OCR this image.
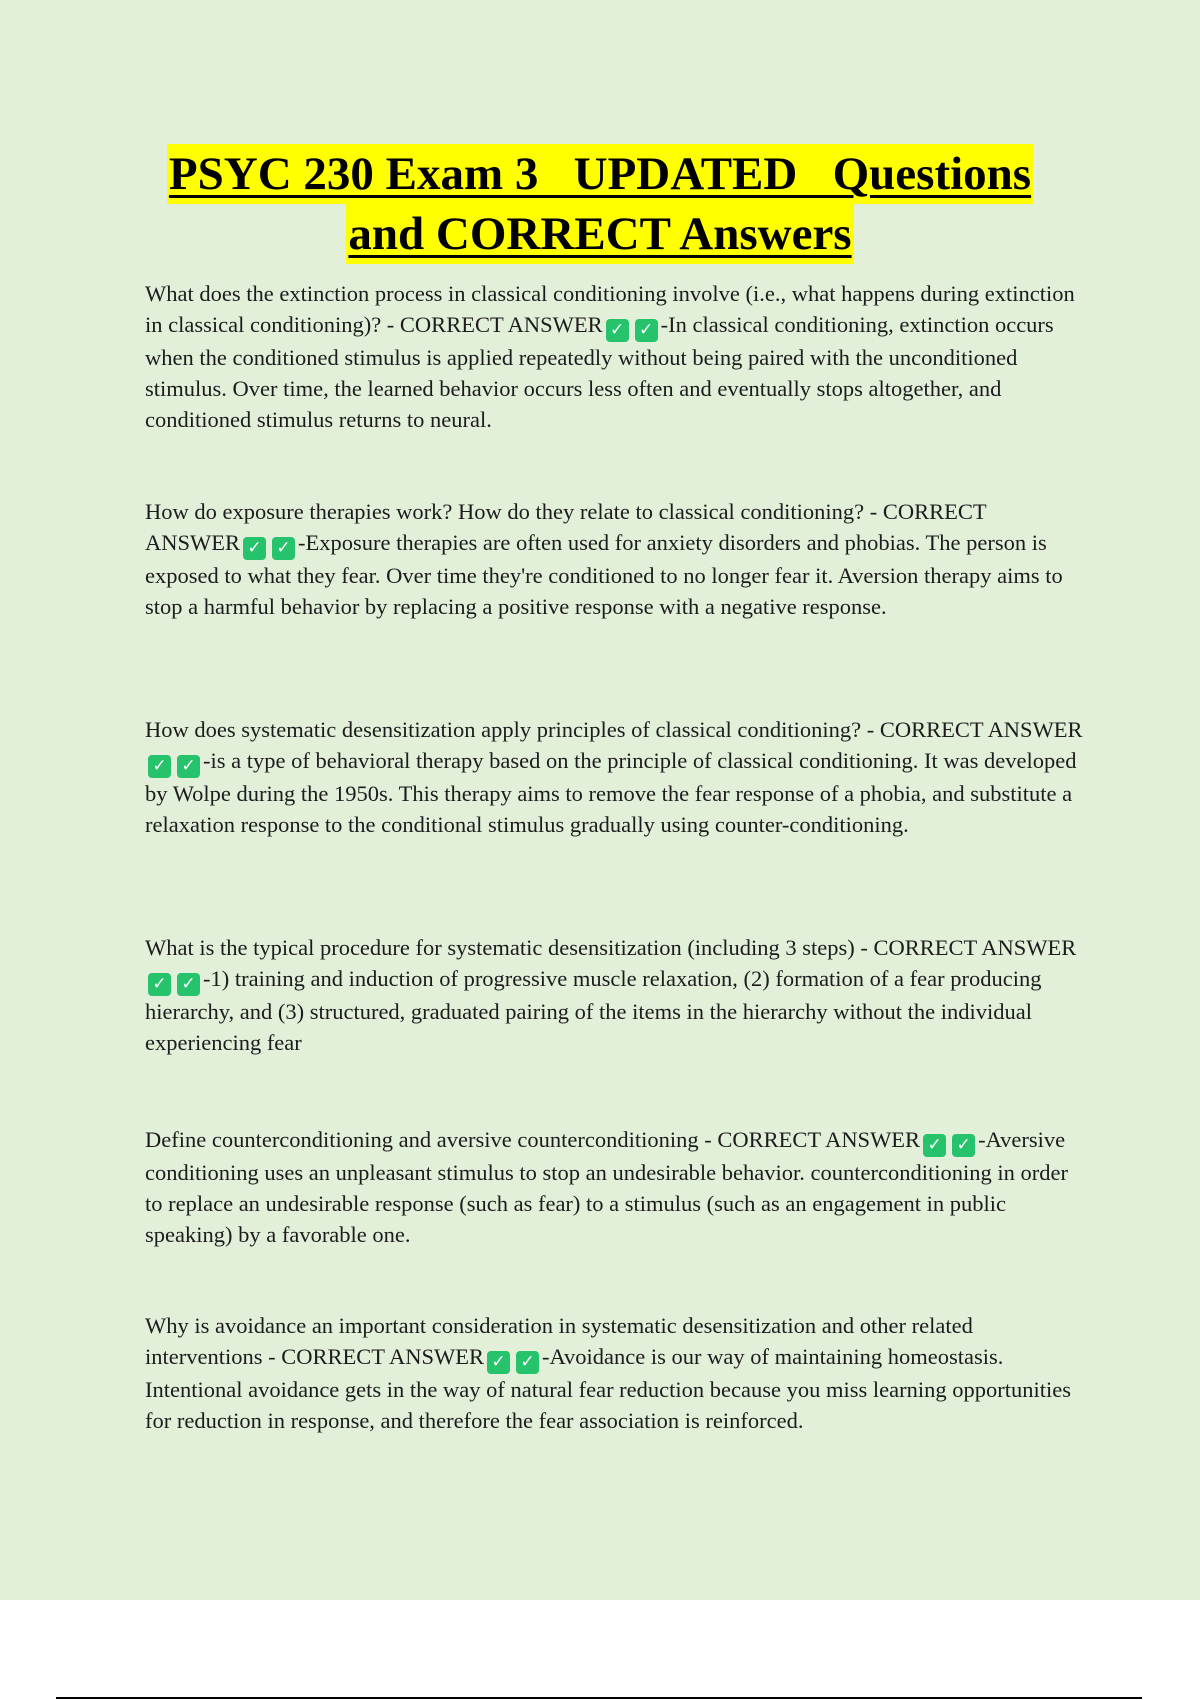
PSYC 230 Exam 3   UPDATED   Questions
and CORRECT Answers

What does the extinction process in classical conditioning involve (i.e., what happens during extinction in classical conditioning)? - CORRECT ANSWER ✓ ✓ -In classical conditioning, extinction occurs when the conditioned stimulus is applied repeatedly without being paired with the unconditioned stimulus. Over time, the learned behavior occurs less often and eventually stops altogether, and conditioned stimulus returns to neural.

How do exposure therapies work? How do they relate to classical conditioning? - CORRECT ANSWER ✓ ✓ -Exposure therapies are often used for anxiety disorders and phobias. The person is exposed to what they fear. Over time they're conditioned to no longer fear it. Aversion therapy aims to stop a harmful behavior by replacing a positive response with a negative response.

How does systematic desensitization apply principles of classical conditioning? - CORRECT ANSWER✓ ✓ -is a type of behavioral therapy based on the principle of classical conditioning. It was developed by Wolpe during the 1950s. This therapy aims to remove the fear response of a phobia, and substitute a relaxation response to the conditional stimulus gradually using counter-conditioning.

What is the typical procedure for systematic desensitization (including 3 steps) - CORRECT ANSWER✓ ✓ -1) training and induction of progressive muscle relaxation, (2) formation of a fear producing hierarchy, and (3) structured, graduated pairing of the items in the hierarchy without the individual experiencing fear

Define counterconditioning and aversive counterconditioning - CORRECT ANSWER ✓ ✓ -Aversive conditioning uses an unpleasant stimulus to stop an undesirable behavior. counterconditioning in order to replace an undesirable response (such as fear) to a stimulus (such as an engagement in public speaking) by a favorable one.

Why is avoidance an important consideration in systematic desensitization and other related interventions - CORRECT ANSWER ✓ ✓ -Avoidance is our way of maintaining homeostasis. Intentional avoidance gets in the way of natural fear reduction because you miss learning opportunities for reduction in response, and therefore the fear association is reinforced.
